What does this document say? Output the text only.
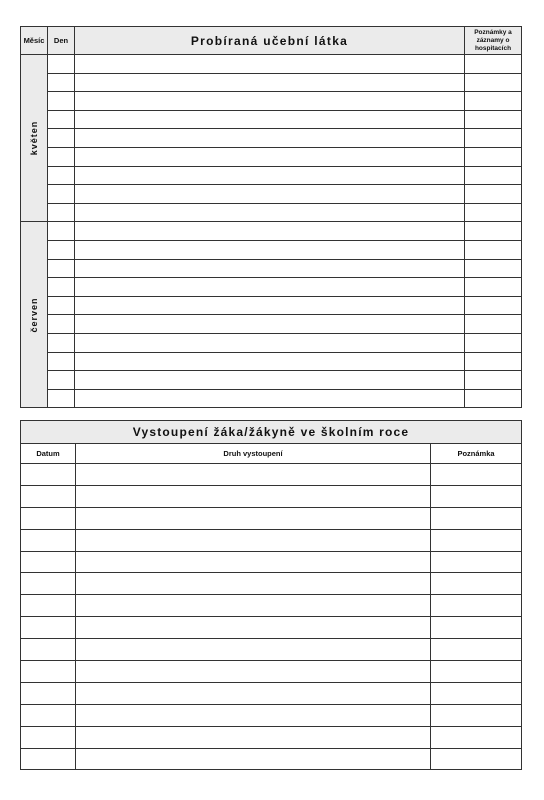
Měsíc	Den	Probíraná učební látka	Poznámky a záznamy o hospitacích

květen			

červen			

Vystoupení žáka/žákyně ve školním roce		
Datum	Druh vystoupení	Poznámka
